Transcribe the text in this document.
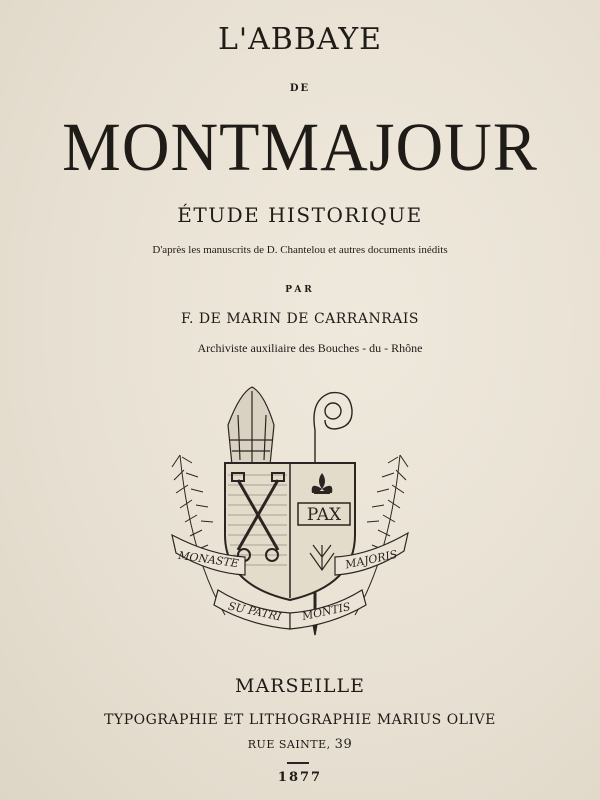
L'ABBAYE
DE
MONTMAJOUR
ÉTUDE HISTORIQUE
D'après les manuscrits de D. Chantelou et autres documents inédits
PAR
F. DE MARIN DE CARRANRAIS
Archiviste auxiliaire des Bouches - du - Rhône
PAX
MONASTE	MAJORIS
SU PATRI MONTIS
MARSEILLE
TYPOGRAPHIE ET LITHOGRAPHIE MARIUS OLIVE
RUE SAINTE, 39
1877
